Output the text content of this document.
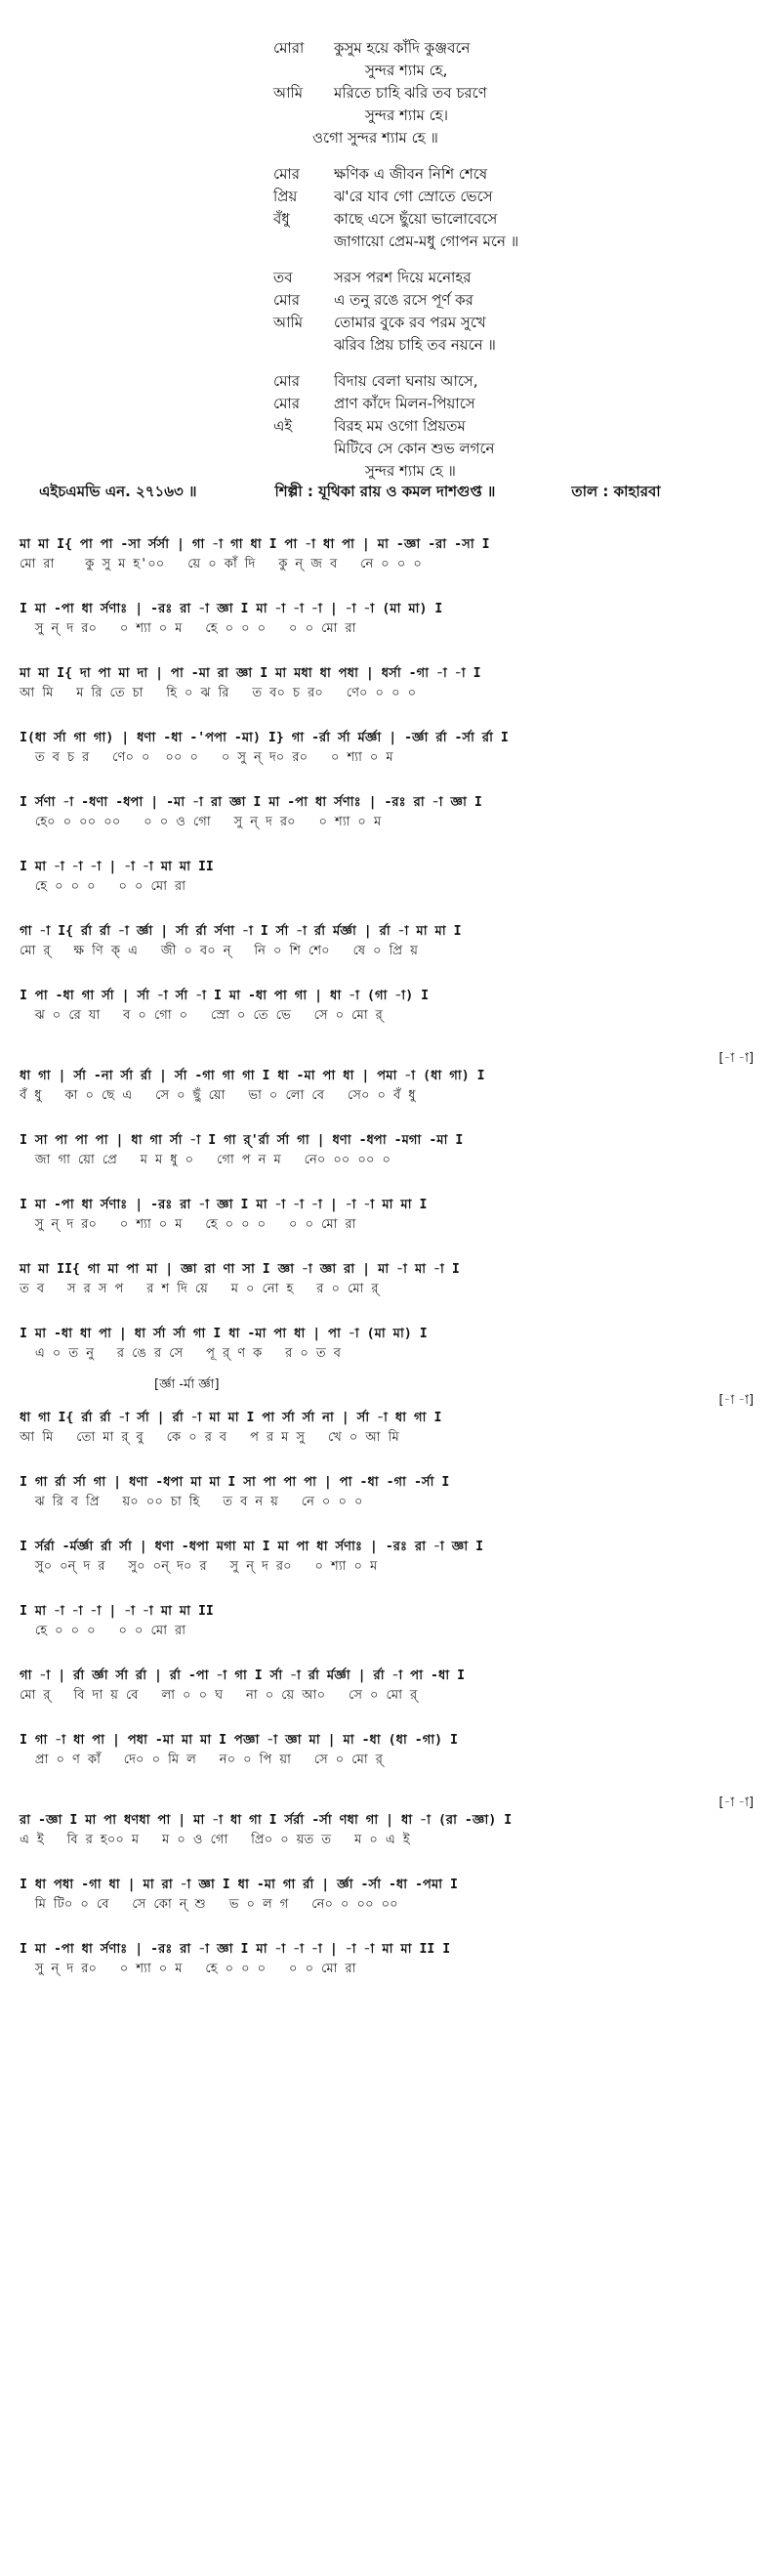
মোরা	কুসুম হয়ে কাঁদি কুঞ্জবনে
সুন্দর শ্যাম হে,
আমি	মরিতে চাহি ঝরি তব চরণে
সুন্দর শ্যাম হে।
ওগো সুন্দর শ্যাম হে ॥
মোর	ক্ষণিক এ জীবন নিশি শেষে
প্রিয়	ঝ'রে যাব গো স্রোতে ভেসে
বঁধু	কাছে এসে ছুঁয়ো ভালোবেসে
জাগায়ো প্রেম-মধু গোপন মনে ॥
তব	সরস পরশ দিয়ে মনোহর
মোর	এ তনু রঙে রসে পূর্ণ কর
আমি	তোমার বুকে রব পরম সুখে
ঝরিব প্রিয় চাহি তব নয়নে ॥
মোর	বিদায় বেলা ঘনায় আসে,
মোর	প্রাণ কাঁদে মিলন-পিয়াসে
এই	বিরহ মম ওগো প্রিয়তম
মিটিবে সে কোন শুভ লগনে
সুন্দর শ্যাম হে ॥
এইচএমভি এন. ২৭১৬৩ ॥	শিল্পী : যূথিকা রায় ও কমল দাশগুপ্ত ॥	তাল : কাহারবা
মা মা I{ পা পা -সা র্সর্সা | গা -া গা ধা I পা -া ধা পা | মা -জ্ঞা -রা -সা I
মো রা    কু সু ম হ'০০   য়ে ০ কাঁ দি   কু ন্ জ ব   নে ০ ০ ০
I মা -পা ধা র্সণাঃ | -রঃ রা -া জ্ঞা I মা -া -া -া | -া -া (মা মা) I
সু ন্ দ র০   ০ শ্যা ০ ম   হে ০ ০ ০   ০ ০ মো রা
মা মা I{ দা পা মা দা | পা -মা রা জ্ঞা I মা মধা ধা পধা | ধর্সা -গা -া -া I
আ মি   ম রি তে চা   হি ০ ঝ রি   ত ব০ চ র০   ণে০ ০ ০ ০
I(ধা র্সা গা গা) | ধণা -ধা -'পপা -মা) I} গা -র্রা র্সা র্মর্জ্ঞা | -র্জ্ঞা র্রা -র্সা র্রা I
ত ব চ র   ণে০ ০  ০০ ০   ০ সু ন্ দ০ র০   ০ শ্যা ০ ম
I র্সণা -া -ধণা -ধপা | -মা -া রা জ্ঞা I মা -পা ধা র্সণাঃ | -রঃ রা -া জ্ঞা I
হে০ ০ ০০ ০০   ০ ০ ও গো   সু ন্ দ র০   ০ শ্যা ০ ম
I মা -া -া -া | -া -া মা মা II
হে ০ ০ ০   ০ ০ মো রা
গা -া I{ র্রা র্রা -া র্জ্ঞা | র্সা র্রা র্সণা -া I র্সা -া র্রা র্মর্জ্ঞা | র্রা -া মা মা I
মো র্   ক্ষ ণি ক্ এ   জী ০ ব০ ন্   নি ০ শি শে০   ষে ০ প্রি য়
I পা -ধা গা র্সা | র্সা -া র্সা -া I মা -ধা পা গা | ধা -া (গা -া) I
ঝ ০ রে যা   ব ০ গো ০   স্রো ০ তে ভে   সে ০ মো র্
[-া -া]
ধা গা | র্সা -না র্সা র্রা | র্সা -গা গা গা I ধা -মা পা ধা | পমা -া (ধা গা) I
বঁ ধু   কা ০ ছে এ   সে ০ ছুঁ য়ো   ভা ০ লো বে   সে০ ০ বঁ ধু
I সা পা পা পা | ধা গা র্সা -া I গা র্'র্রা র্সা গা | ধণা -ধপা -মগা -মা I
জা গা য়ো প্রে   ম ম ধু ০   গো প ন ম   নে০ ০০ ০০ ০
I মা -পা ধা র্সণাঃ | -রঃ রা -া জ্ঞা I মা -া -া -া | -া -া মা মা I
সু ন্ দ র০   ০ শ্যা ০ ম   হে ০ ০ ০   ০ ০ মো রা
মা মা II{ গা মা পা মা | জ্ঞা রা ণা সা I জ্ঞা -া জ্ঞা রা | মা -া মা -া I
ত ব   স র স প   র শ দি য়ে   ম ০ নো হ   র ০ মো র্
I মা -ধা ধা পা | ধা র্সা র্সা গা I ধা -মা পা ধা | পা -া (মা মা) I
এ ০ ত নু   র ঙে র সে   পূ র্ ণ ক   র ০ ত ব
[র্জ্ঞা -র্মা র্জ্ঞা]
[-া -া]
ধা গা I{ র্রা র্রা -া র্সা | র্রা -া মা মা I পা র্সা র্সা না | র্সা -া ধা গা I
আ মি   তো মা র্ বু   কে ০ র ব   প র ম সু   খে ০ আ মি
I গা র্রা র্সা গা | ধণা -ধপা মা মা I সা পা পা পা | পা -ধা -গা -র্সা I
ঝ রি ব প্রি   য়০ ০০ চা হি   ত ব ন য়   নে ০ ০ ০
I র্সর্রা -র্মর্জ্ঞা র্রা র্সা | ধণা -ধপা মগা মা I মা পা ধা র্সণাঃ | -রঃ রা -া জ্ঞা I
সু০ ০ন্ দ র   সু০ ০ন্ দ০ র   সু ন্ দ র০   ০ শ্যা ০ ম
I মা -া -া -া | -া -া মা মা II
হে ০ ০ ০   ০ ০ মো রা
গা -া | র্রা র্জ্ঞা র্সা র্রা | র্রা -পা -া গা I র্সা -া র্রা র্মর্জ্ঞা | র্রা -া পা -ধা I
মো র্   বি দা য় বে   লা ০ ০ ঘ   না ০ য়ে আ০   সে ০ মো র্
I গা -া ধা পা | পধা -মা মা মা I পজ্ঞা -া জ্ঞা মা | মা -ধা (ধা -গা) I
প্রা ০ ণ কাঁ   দে০ ০ মি ল   ন০ ০ পি য়া   সে ০ মো র্
[-া -া]
রা -জ্ঞা I মা পা ধণধা পা | মা -া ধা গা I র্সর্রা -র্সা ণধা গা | ধা -া (রা -জ্ঞা) I
এ ই   বি র হ০০ ম   ম ০ ও গো   প্রি০ ০ য়ত ত   ম ০ এ ই
I ধা পধা -গা ধা | মা রা -া জ্ঞা I ধা -মা গা র্রা | র্জ্ঞা -র্সা -ধা -পমা I
মি টি০ ০ বে   সে কো ন্ শু   ভ ০ ল গ   নে০ ০ ০০ ০০
I মা -পা ধা র্সণাঃ | -রঃ রা -া জ্ঞা I মা -া -া -া | -া -া মা মা II I
সু ন্ দ র০   ০ শ্যা ০ ম   হে ০ ০ ০   ০ ০ মো রা
